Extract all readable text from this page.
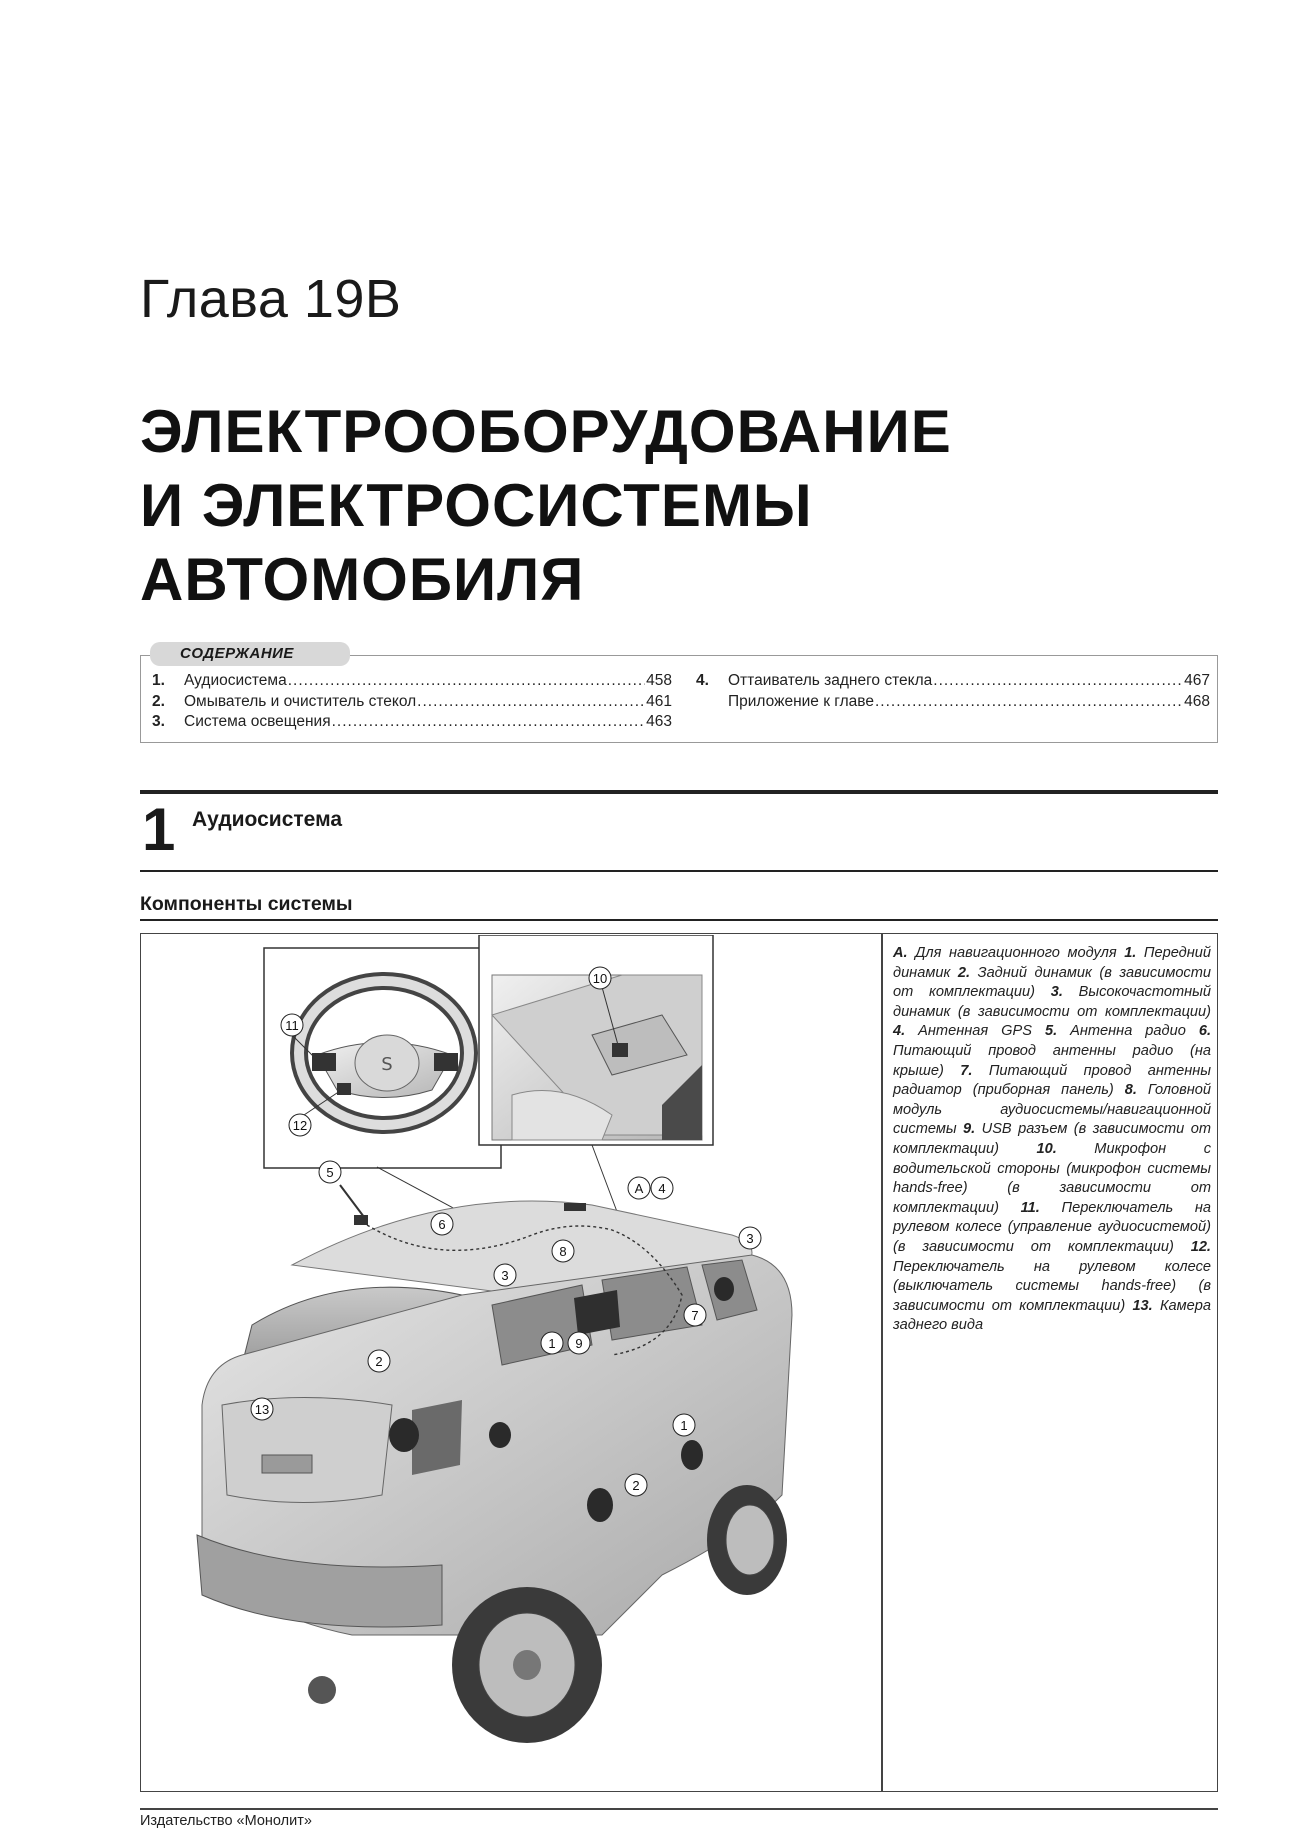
Глава 19В
ЭЛЕКТРООБОРУДОВАНИЕ
И ЭЛЕКТРОСИСТЕМЫ
АВТОМОБИЛЯ
СОДЕРЖАНИЕ
1.	Аудиосистема .....	458
2.	Омыватель и очиститель стекол .....	461
3.	Система освещения .....	463
4.	Оттаиватель заднего стекла .....	467
Приложение к главе .....	468
1 Аудиосистема
Компоненты системы
S
11
12
10
5
6
A 4
8
3
3
7
1 9
2
13
1
2
A. Для навигационного модуля 1. Передний динамик 2. Задний динамик (в зависимости от комплектации) 3. Высокочастотный динамик (в зависимости от комплектации) 4. Антенная GPS 5. Антенна радио 6. Питающий провод антенны радио (на крыше) 7. Питающий провод антенны радиатор (приборная панель) 8. Головной модуль аудиосистемы/навигационной системы 9. USB разъем (в зависимости от комплектации)	10.	Микрофон с водительской стороны (микрофон системы hands-free) (в зависимости от комплектации) 11. Переключатель на рулевом колесе (управление аудиосистемой) (в зависимости от комплектации) 12. Переключатель на рулевом колесе (выключатель системы hands-free) (в зависимости от комплектации) 13. Камера заднего вида
Издательство «Монолит»
